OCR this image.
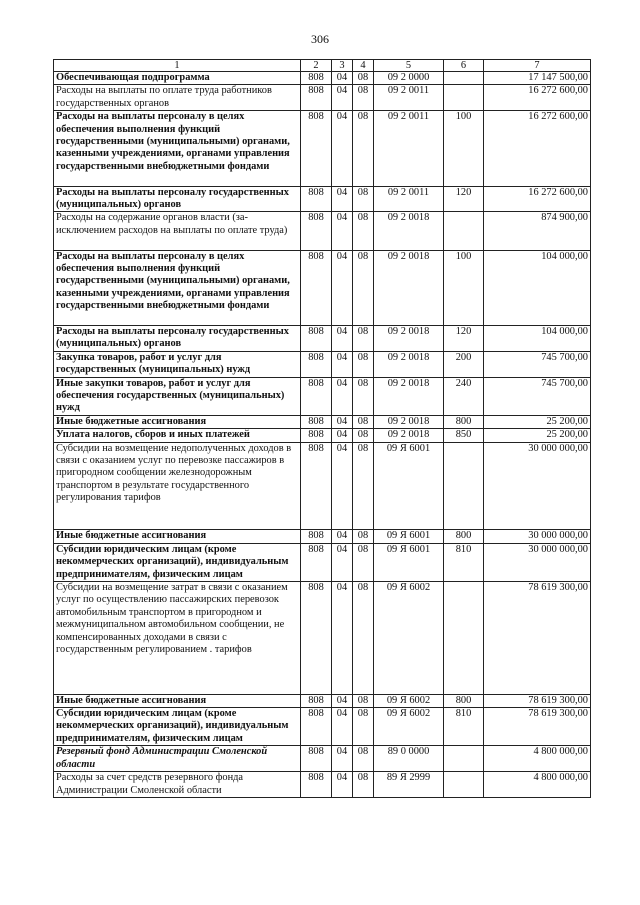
306
1	2	3	4	5	6	7
Обеспечивающая подпрограмма	808	04	08	09 2 0000		17 147 500,00
Расходы на выплаты по оплате труда работников государственных органов	808	04	08	09 2 0011		16 272 600,00
Расходы на выплаты персоналу в целях обеспечения выполнения функций государственными (муниципальными) органами, казенными учреждениями, органами управления государственными внебюджетными фондами	808	04	08	09 2 0011	100	16 272 600,00
Расходы на выплаты персоналу государственных (муниципальных) органов	808	04	08	09 2 0011	120	16 272 600,00
Расходы на содержание органов власти (за-исключением расходов на выплаты по оплате труда)	808	04	08	09 2 0018		874 900,00
Расходы на выплаты персоналу в целях обеспечения выполнения функций государственными (муниципальными) органами, казенными учреждениями, органами управления государственными внебюджетными фондами	808	04	08	09 2 0018	100	104 000,00
Расходы на выплаты персоналу государственных (муниципальных) органов	808	04	08	09 2 0018	120	104 000,00
Закупка товаров, работ и услуг для государственных (муниципальных) нужд	808	04	08	09 2 0018	200	745 700,00
Иные закупки товаров, работ и услуг для обеспечения государственных (муниципальных) нужд	808	04	08	09 2 0018	240	745 700,00
Иные бюджетные ассигнования	808	04	08	09 2 0018	800	25 200,00
Уплата налогов, сборов и иных платежей	808	04	08	09 2 0018	850	25 200,00
Субсидии на возмещение недополученных доходов в связи с оказанием услуг по перевозке пассажиров в пригородном сообщении железнодорожным транспортом в результате государственного регулирования тарифов	808	04	08	09 Я 6001		30 000 000,00
Иные бюджетные ассигнования	808	04	08	09 Я 6001	800	30 000 000,00
Субсидии юридическим лицам (кроме некоммерческих организаций), индивидуальным предпринимателям, физическим лицам	808	04	08	09 Я 6001	810	30 000 000,00
Субсидии на возмещение затрат в связи с оказанием услуг по осуществлению пассажирских перевозок автомобильным транспортом в пригородном и межмуниципальном автомобильном сообщении, не компенсированных доходами в связи с государственным регулированием . тарифов	808	04	08	09 Я 6002		78 619 300,00
Иные бюджетные ассигнования	808	04	08	09 Я 6002	800	78 619 300,00
Субсидии юридическим лицам (кроме некоммерческих организаций), индивидуальным предпринимателям, физическим лицам	808	04	08	09 Я 6002	810	78 619 300,00
Резервный фонд Администрации Смоленской области	808	04	08	89 0 0000		4 800 000,00
Расходы за счет средств резервного фонда Администрации Смоленской области	808	04	08	89 Я 2999		4 800 000,00
